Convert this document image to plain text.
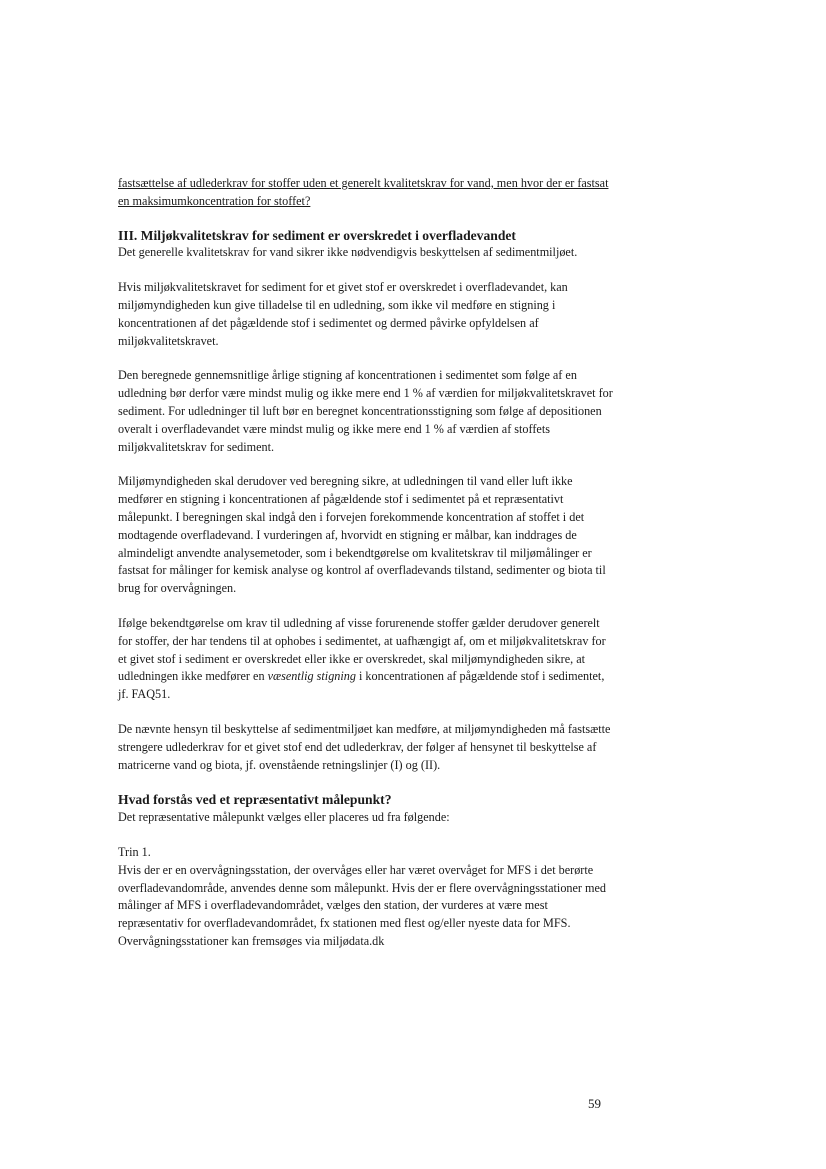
fastsættelse af udlederkrav for stoffer uden et generelt kvalitetskrav for vand, men hvor der er fastsat en maksimumkoncentration for stoffet?

III. Miljøkvalitetskrav for sediment er overskredet i overfladevandet

Det generelle kvalitetskrav for vand sikrer ikke nødvendigvis beskyttelsen af sedimentmiljøet.

Hvis miljøkvalitetskravet for sediment for et givet stof er overskredet i overfladevandet, kan miljømyndigheden kun give tilladelse til en udledning, som ikke vil medføre en stigning i koncentrationen af det pågældende stof i sedimentet og dermed påvirke opfyldelsen af miljøkvalitetskravet.

Den beregnede gennemsnitlige årlige stigning af koncentrationen i sedimentet som følge af en udledning bør derfor være mindst mulig og ikke mere end 1 % af værdien for miljøkvalitetskravet for sediment. For udledninger til luft bør en beregnet koncentrationsstigning som følge af depositionen overalt i overfladevandet være mindst mulig og ikke mere end 1 % af værdien af stoffets miljøkvalitetskrav for sediment.

Miljømyndigheden skal derudover ved beregning sikre, at udledningen til vand eller luft ikke medfører en stigning i koncentrationen af pågældende stof i sedimentet på et repræsentativt målepunkt. I beregningen skal indgå den i forvejen forekommende koncentration af stoffet i det modtagende overfladevand. I vurderingen af, hvorvidt en stigning er målbar, kan inddrages de almindeligt anvendte analysemetoder, som i bekendtgørelse om kvalitetskrav til miljømålinger er fastsat for målinger for kemisk analyse og kontrol af overfladevands tilstand, sedimenter og biota til brug for overvågningen.

Ifølge bekendtgørelse om krav til udledning af visse forurenende stoffer gælder derudover generelt for stoffer, der har tendens til at ophobes i sedimentet, at uafhængigt af, om et miljøkvalitetskrav for et givet stof i sediment er overskredet eller ikke er overskredet, skal miljømyndigheden sikre, at udledningen ikke medfører en væsentlig stigning i koncentrationen af pågældende stof i sedimentet, jf. FAQ51.

De nævnte hensyn til beskyttelse af sedimentmiljøet kan medføre, at miljømyndigheden må fastsætte strengere udlederkrav for et givet stof end det udlederkrav, der følger af hensynet til beskyttelse af matricerne vand og biota, jf. ovenstående retningslinjer (I) og (II).

Hvad forstås ved et repræsentativt målepunkt?

Det repræsentative målepunkt vælges eller placeres ud fra følgende:

Trin 1.

Hvis der er en overvågningsstation, der overvåges eller har været overvåget for MFS i det berørte overfladevandområde, anvendes denne som målepunkt. Hvis der er flere overvågningsstationer med målinger af MFS i overfladevandområdet, vælges den station, der vurderes at være mest repræsentativ for overfladevandområdet, fx stationen med flest og/eller nyeste data for MFS. Overvågningsstationer kan fremsøges via miljødata.dk

59
